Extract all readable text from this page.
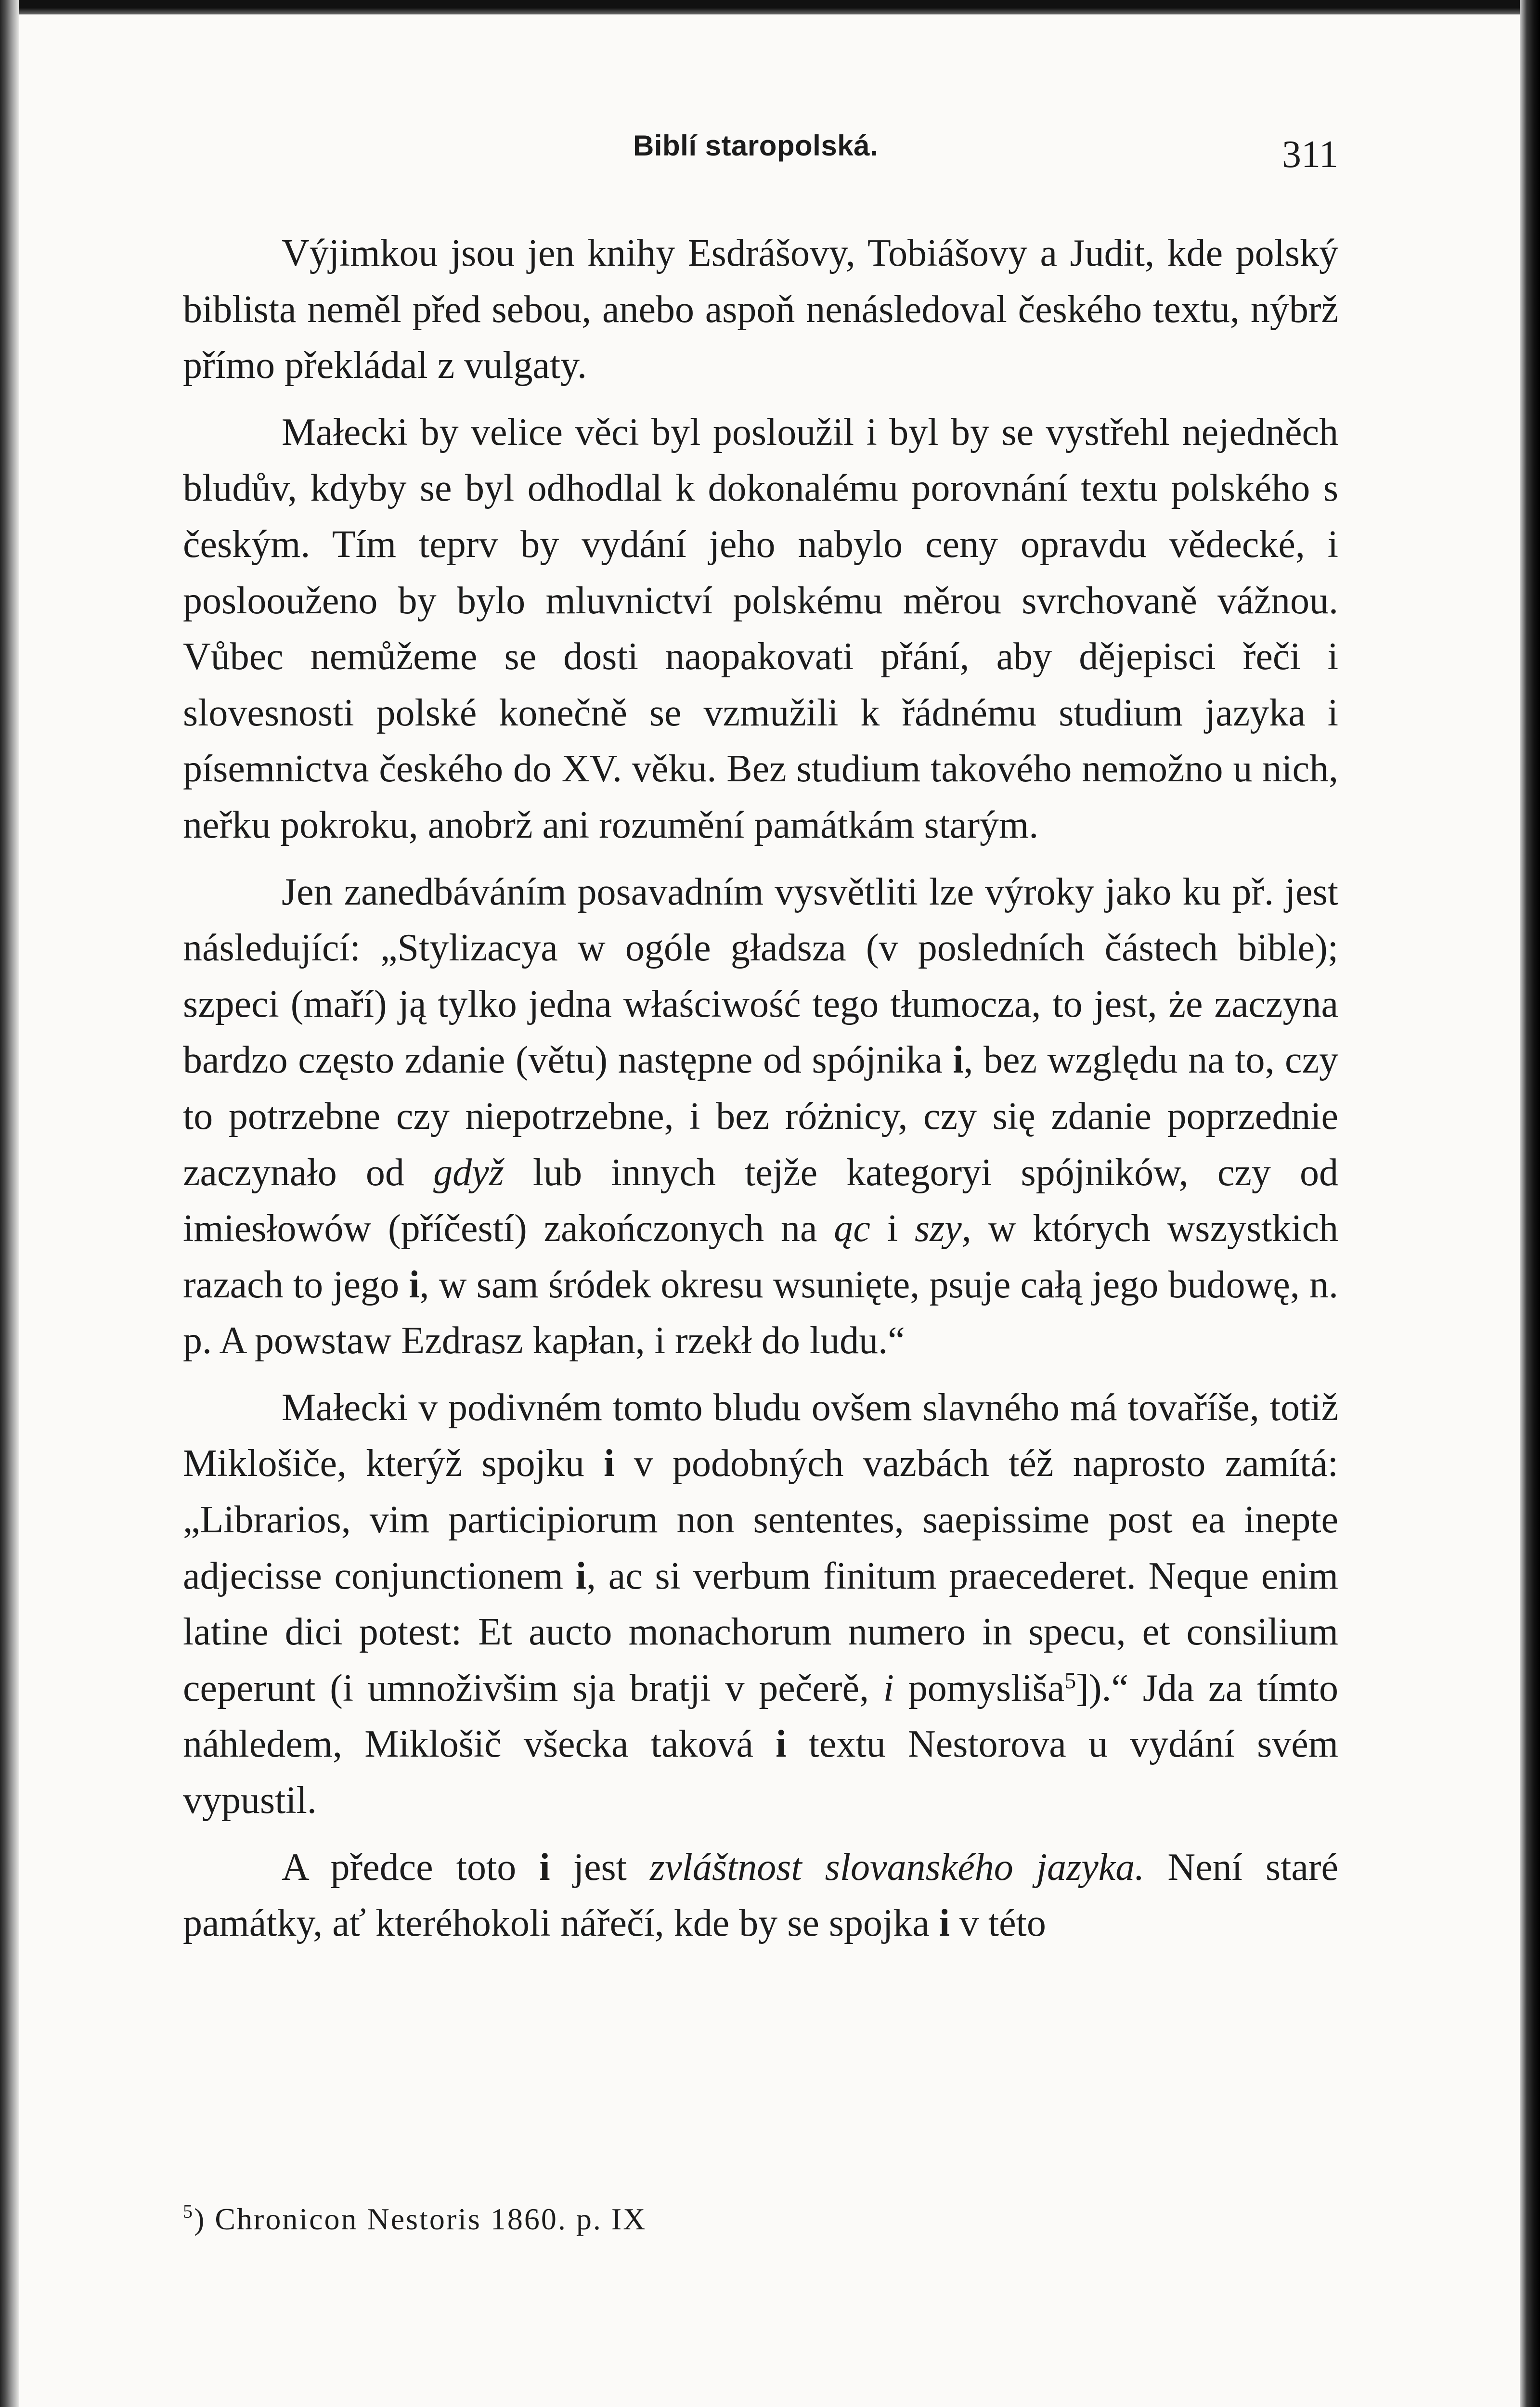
Biblí staropolská.	311

Výjimkou jsou jen knihy Esdrášovy, Tobiášovy a Judit, kde polský biblista neměl před sebou, anebo aspoň nenásledoval českého textu, nýbrž přímo překládal z vulgaty.

Małecki by velice věci byl posloužil i byl by se vystřehl nejedněch bludův, kdyby se byl odhodlal k dokonalému porovnání textu polského s českým. Tím teprv by vydání jeho nabylo ceny opravdu vědecké, i posloouženo by bylo mluvnictví polskému měrou svrchovaně vážnou. Vůbec nemůžeme se dosti naopakovati přání, aby dějepisci řeči i slovesnosti polské konečně se vzmužili k řádnému studium jazyka i písemnictva českého do XV. věku. Bez studium takového nemožno u nich, neřku pokroku, anobrž ani rozumění památkám starým.

Jen zanedbáváním posavadním vysvětliti lze výroky jako ku př. jest následující: „Stylizacya w ogóle gładsza (v posledních částech bible); szpeci (maří) ją tylko jedna właściwość tego tłumocza, to jest, że zaczyna bardzo często zdanie (větu) następne od spójnika i, bez względu na to, czy to potrzebne czy niepotrzebne, i bez różnicy, czy się zdanie poprzednie zaczynało od gdyž lub innych tejže kategoryi spójników, czy od imiesłowów (příčestí) zakończonych na ąc i szy, w których wszystkich razach to jego i, w sam śródek okresu wsunięte, psuje całą jego budowę, n. p. A powstaw Ezdrasz kapłan, i rzekł do ludu.“

Małecki v podivném tomto bludu ovšem slavného má tovaříše, totiž Miklošiče, kterýž spojku i v podobných vazbách též naprosto zamítá: „Librarios, vim participiorum non sententes, saepissime post ea inepte adjecisse conjunctionem i, ac si verbum finitum praecederet. Neque enim latine dici potest: Et aucto monachorum numero in specu, et consilium ceperunt (i umnoživšim sja bratji v pečerě, i pomyslišа$^5$]).“ Jda za tímto náhledem, Miklošič všecka taková i textu Nestorova u vydání svém vypustil.

A předce toto i jest zvláštnost slovanského jazyka. Není staré památky, ať kteréhokoli nářečí, kde by se spojka i v této

$^5$) Chronicon Nestoris 1860. p. IX
